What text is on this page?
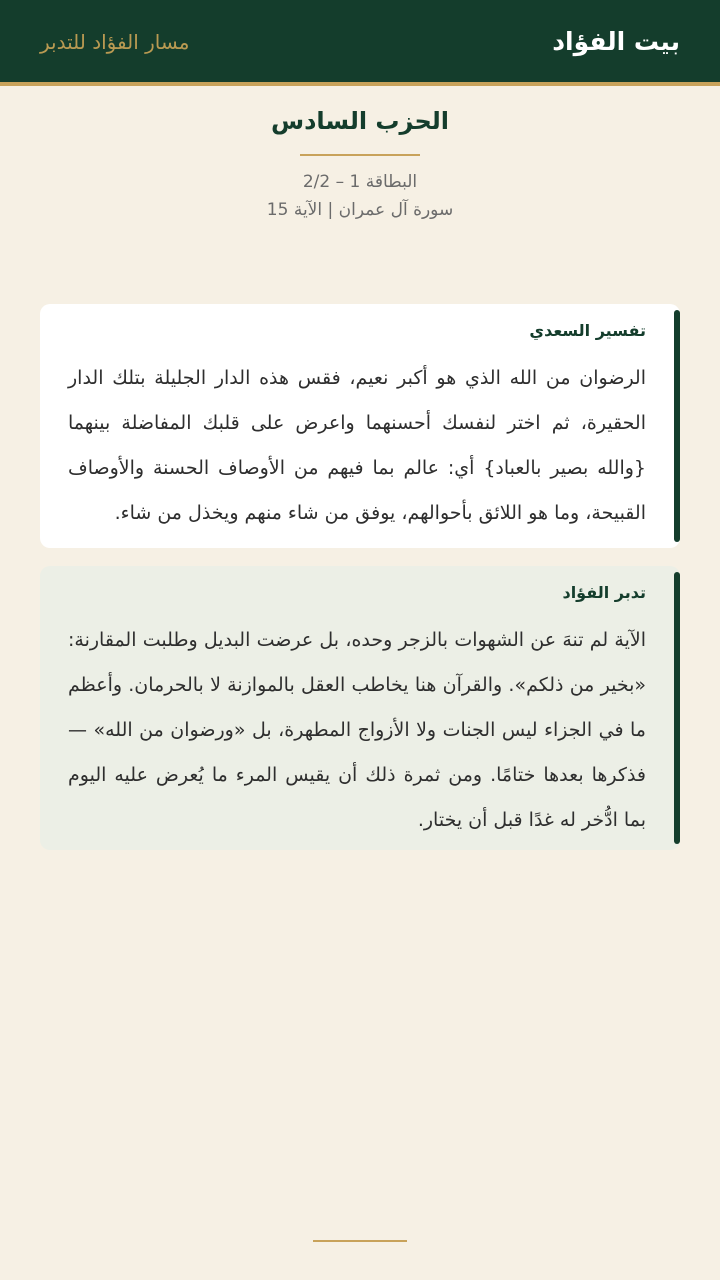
بيت الفؤاد
مسار الفؤاد للتدبر
الحزب السادس
البطاقة 1 – 2/2
سورة آل عمران | الآية 15
تفسير السعدي

الرضوان من الله الذي هو أكبر نعيم، فقس هذه الدار الجليلة بتلك الدار الحقيرة، ثم اختر لنفسك أحسنهما واعرض على قلبك المفاضلة بينهما {والله بصير بالعباد} أي: عالم بما فيهم من الأوصاف الحسنة والأوصاف القبيحة، وما هو اللائق بأحوالهم، يوفق من شاء منهم ويخذل من شاء.

تدبر الفؤاد

الآية لم تنهَ عن الشهوات بالزجر وحده، بل عرضت البديل وطلبت المقارنة: «بخير من ذلكم». والقرآن هنا يخاطب العقل بالموازنة لا بالحرمان. وأعظم ما في الجزاء ليس الجنات ولا الأزواج المطهرة، بل «ورضوان من الله» — فذكرها بعدها ختامًا. ومن ثمرة ذلك أن يقيس المرء ما يُعرض عليه اليوم بما ادُّخر له غدًا قبل أن يختار.
